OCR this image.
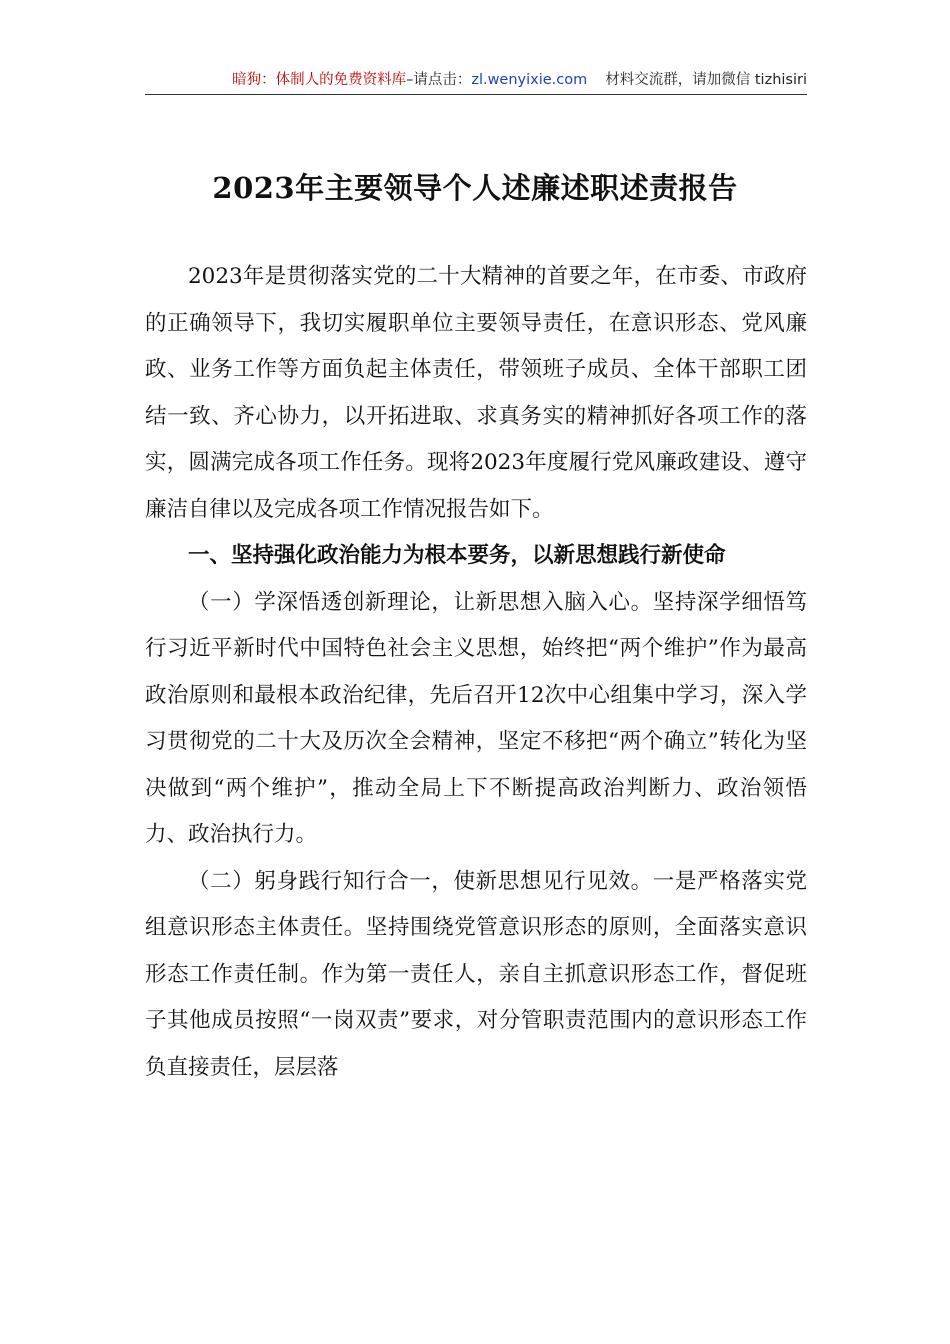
暗狗：体制人的免费资料库–请点击：zl.wenyixie.com 材料交流群，请加微信 tizhisiri
2023年主要领导个人述廉述职述责报告

2023年是贯彻落实党的二十大精神的首要之年，在市委、市政府的正确领导下，我切实履职单位主要领导责任，在意识形态、党风廉政、业务工作等方面负起主体责任，带领班子成员、全体干部职工团结一致、齐心协力，以开拓进取、求真务实的精神抓好各项工作的落实，圆满完成各项工作任务。现将2023年度履行党风廉政建设、遵守廉洁自律以及完成各项工作情况报告如下。

一、坚持强化政治能力为根本要务，以新思想践行新使命

（一）学深悟透创新理论，让新思想入脑入心。坚持深学细悟笃行习近平新时代中国特色社会主义思想，始终把“两个维护”作为最高政治原则和最根本政治纪律，先后召开12次中心组集中学习，深入学习贯彻党的二十大及历次全会精神，坚定不移把“两个确立”转化为坚决做到“两个维护”，推动全局上下不断提高政治判断力、政治领悟力、政治执行力。

（二）躬身践行知行合一，使新思想见行见效。一是严格落实党组意识形态主体责任。坚持围绕党管意识形态的原则，全面落实意识形态工作责任制。作为第一责任人，亲自主抓意识形态工作，督促班子其他成员按照“一岗双责”要求，对分管职责范围内的意识形态工作负直接责任，层层落
